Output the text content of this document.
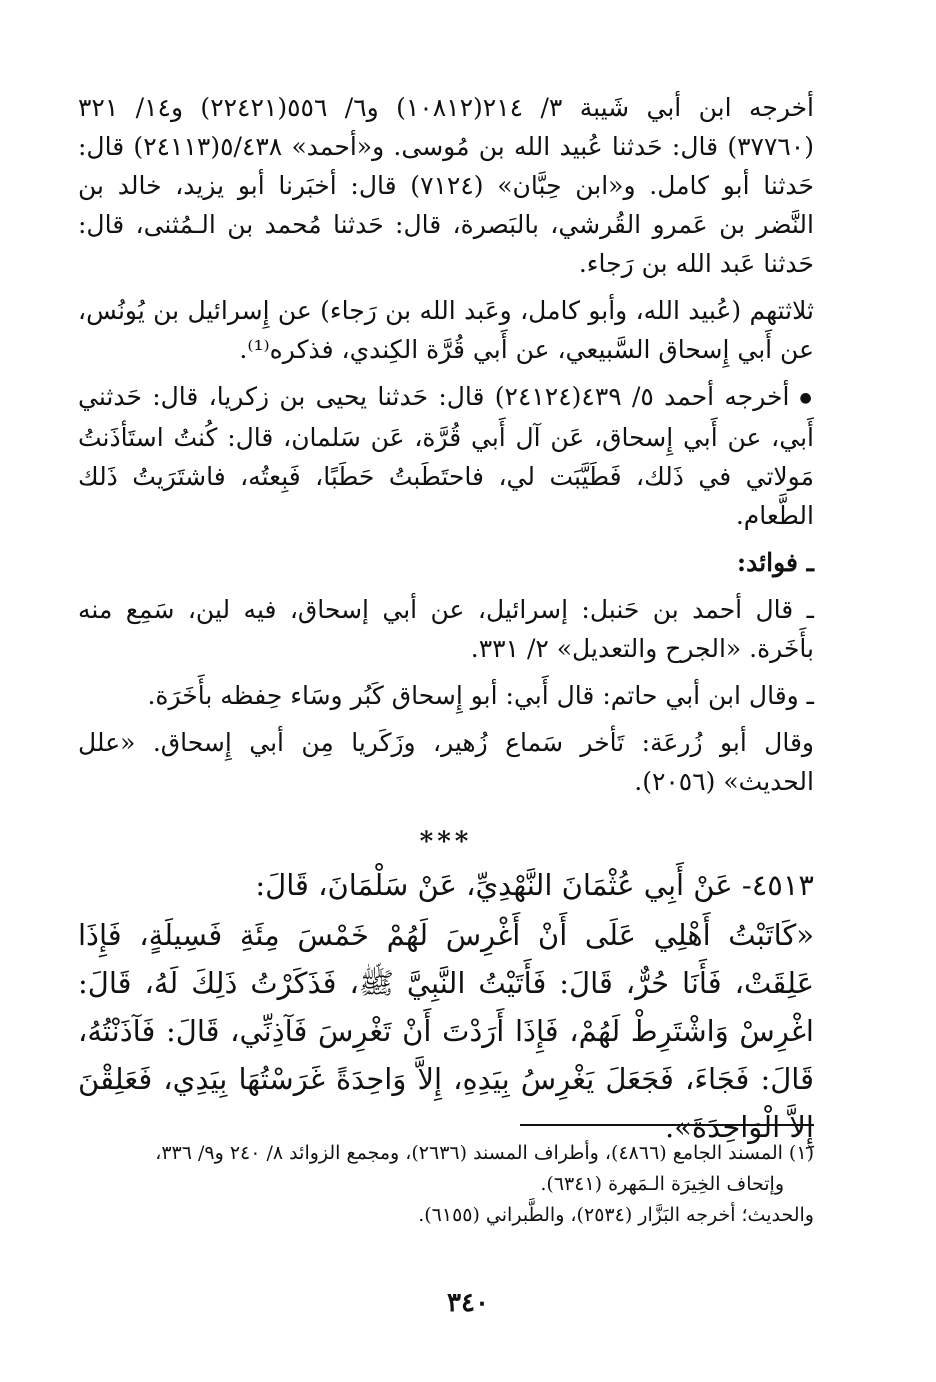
أخرجه ابن أبي شَيبة ٣/ ٢١٤(١٠٨١٢) و٦/ ٥٥٦(٢٢٤٢١) و١٤/ ٣٢١ (٣٧٧٦٠) قال: حَدثنا عُبيد الله بن مُوسى. و«أحمد» ٥/٤٣٨(٢٤١١٣) قال: حَدثنا أبو كامل. و«ابن حِبَّان» (٧١٢٤) قال: أخبَرنا أبو يزيد، خالد بن النَّضر بن عَمرو القُرشي، بالبَصرة، قال: حَدثنا مُحمد بن الـمُثنى، قال: حَدثنا عَبد الله بن رَجاء.

ثلاثتهم (عُبيد الله، وأبو كامل، وعَبد الله بن رَجاء) عن إِسرائيل بن يُونُس، عن أَبي إِسحاق السَّبيعي، عن أَبي قُرَّة الكِندي، فذكره⁽¹⁾.

● أخرجه أحمد ٥/ ٤٣٩(٢٤١٢٤) قال: حَدثنا يحيى بن زكريا، قال: حَدثني أَبي، عن أَبي إِسحاق، عَن آل أَبي قُرَّة، عَن سَلمان، قال: كُنتُ استَأذَنتُ مَولاتي في ذَلك، فَطَيَّبَت لي، فاحتَطَبتُ حَطَبًا، فَبِعتُه، فاشتَرَيتُ ذَلك الطَّعام.

ـ فوائد:

ـ قال أحمد بن حَنبل: إسرائيل، عن أبي إسحاق، فيه لين، سَمِع منه بأَخَرة. «الجرح والتعديل» ٢/ ٣٣١.

ـ وقال ابن أبي حاتم: قال أَبي: أبو إِسحاق كَبُر وسَاء حِفظه بأَخَرَة.

وقال أبو زُرعَة: تَأخر سَماع زُهير، وزَكَريا مِن أبي إِسحاق. «علل الحديث» (٢٠٥٦).

***

٤٥١٣- عَنْ أَبِي عُثْمَانَ النَّهْدِيِّ، عَنْ سَلْمَانَ، قَالَ:

«كَاتَبْتُ أَهْلِي عَلَى أَنْ أَغْرِسَ لَهُمْ خَمْسَ مِئَةِ فَسِيلَةٍ، فَإِذَا عَلِقَتْ، فَأَنَا حُرٌّ، قَالَ: فَأَتَيْتُ النَّبِيَّ ﷺ، فَذَكَرْتُ ذَلِكَ لَهُ، قَالَ: اغْرِسْ وَاشْتَرِطْ لَهُمْ، فَإِذَا أَرَدْتَ أَنْ تَغْرِسَ فَآذِنِّي، قَالَ: فَآذَنْتُهُ، قَالَ: فَجَاءَ، فَجَعَلَ يَغْرِسُ بِيَدِهِ، إِلاَّ وَاحِدَةً غَرَسْتُهَا بِيَدِي، فَعَلِقْنَ إِلاَّ الْوَاحِدَةَ».

(١) المسند الجامع (٤٨٦٦)، وأطراف المسند (٢٦٣٦)، ومجمع الزوائد ٨/ ٢٤٠ و٩/ ٣٣٦،

وإتحاف الخِيرَة الـمَهرة (٦٣٤١).

والحديث؛ أخرجه البَزَّار (٢٥٣٤)، والطَّبراني (٦١٥٥).

٣٤٠
